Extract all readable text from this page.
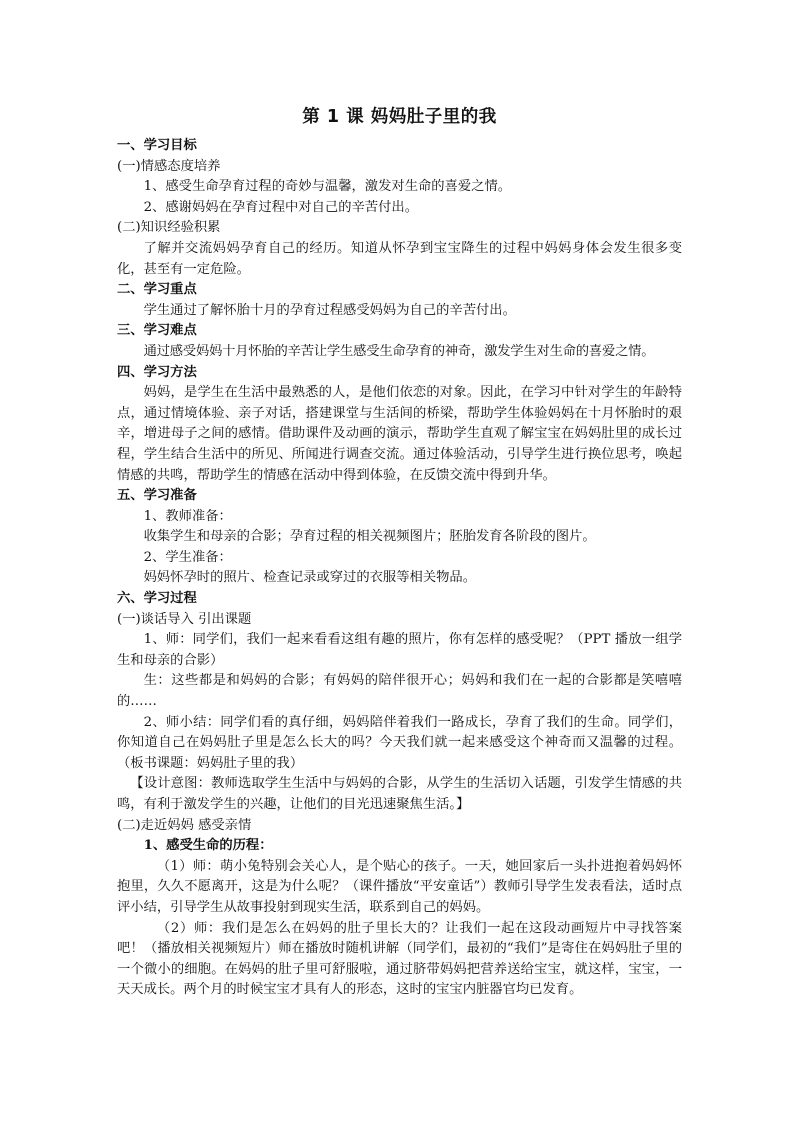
第 1 课 妈妈肚子里的我

一、学习目标

(一)情感态度培养

1、感受生命孕育过程的奇妙与温馨，激发对生命的喜爱之情。

2、感谢妈妈在孕育过程中对自己的辛苦付出。

(二)知识经验积累

了解并交流妈妈孕育自己的经历。知道从怀孕到宝宝降生的过程中妈妈身体会发生很多变化，甚至有一定危险。

二、学习重点

学生通过了解怀胎十月的孕育过程感受妈妈为自己的辛苦付出。

三、学习难点

通过感受妈妈十月怀胎的辛苦让学生感受生命孕育的神奇，激发学生对生命的喜爱之情。

四、学习方法

妈妈，是学生在生活中最熟悉的人，是他们依恋的对象。因此，在学习中针对学生的年龄特点，通过情境体验、亲子对话，搭建课堂与生活间的桥梁，帮助学生体验妈妈在十月怀胎时的艰辛，增进母子之间的感情。借助课件及动画的演示，帮助学生直观了解宝宝在妈妈肚里的成长过程，学生结合生活中的所见、所闻进行调查交流。通过体验活动，引导学生进行换位思考，唤起情感的共鸣，帮助学生的情感在活动中得到体验，在反馈交流中得到升华。

五、学习准备

1、教师准备：

收集学生和母亲的合影；孕育过程的相关视频图片；胚胎发育各阶段的图片。

2、学生准备：

妈妈怀孕时的照片、检查记录或穿过的衣服等相关物品。

六、学习过程

(一)谈话导入 引出课题

1、师：同学们，我们一起来看看这组有趣的照片，你有怎样的感受呢？（PPT 播放一组学生和母亲的合影）

生：这些都是和妈妈的合影；有妈妈的陪伴很开心；妈妈和我们在一起的合影都是笑嘻嘻的……

2、师小结：同学们看的真仔细，妈妈陪伴着我们一路成长，孕育了我们的生命。同学们，你知道自己在妈妈肚子里是怎么长大的吗？今天我们就一起来感受这个神奇而又温馨的过程。（板书课题：妈妈肚子里的我）

【设计意图：教师选取学生生活中与妈妈的合影，从学生的生活切入话题，引发学生情感的共鸣，有利于激发学生的兴趣，让他们的目光迅速聚焦生活。】

(二)走近妈妈 感受亲情

1、感受生命的历程：

（1）师：萌小兔特别会关心人，是个贴心的孩子。一天，她回家后一头扑进抱着妈妈怀抱里，久久不愿离开，这是为什么呢？（课件播放“平安童话”）教师引导学生发表看法，适时点评小结，引导学生从故事投射到现实生活，联系到自己的妈妈。

（2）师：我们是怎么在妈妈的肚子里长大的？让我们一起在这段动画短片中寻找答案吧！（播放相关视频短片）师在播放时随机讲解（同学们，最初的“我们”是寄住在妈妈肚子里的一个微小的细胞。在妈妈的肚子里可舒服啦，通过脐带妈妈把营养送给宝宝，就这样，宝宝，一天天成长。两个月的时候宝宝才具有人的形态，这时的宝宝内脏器官均已发育。
